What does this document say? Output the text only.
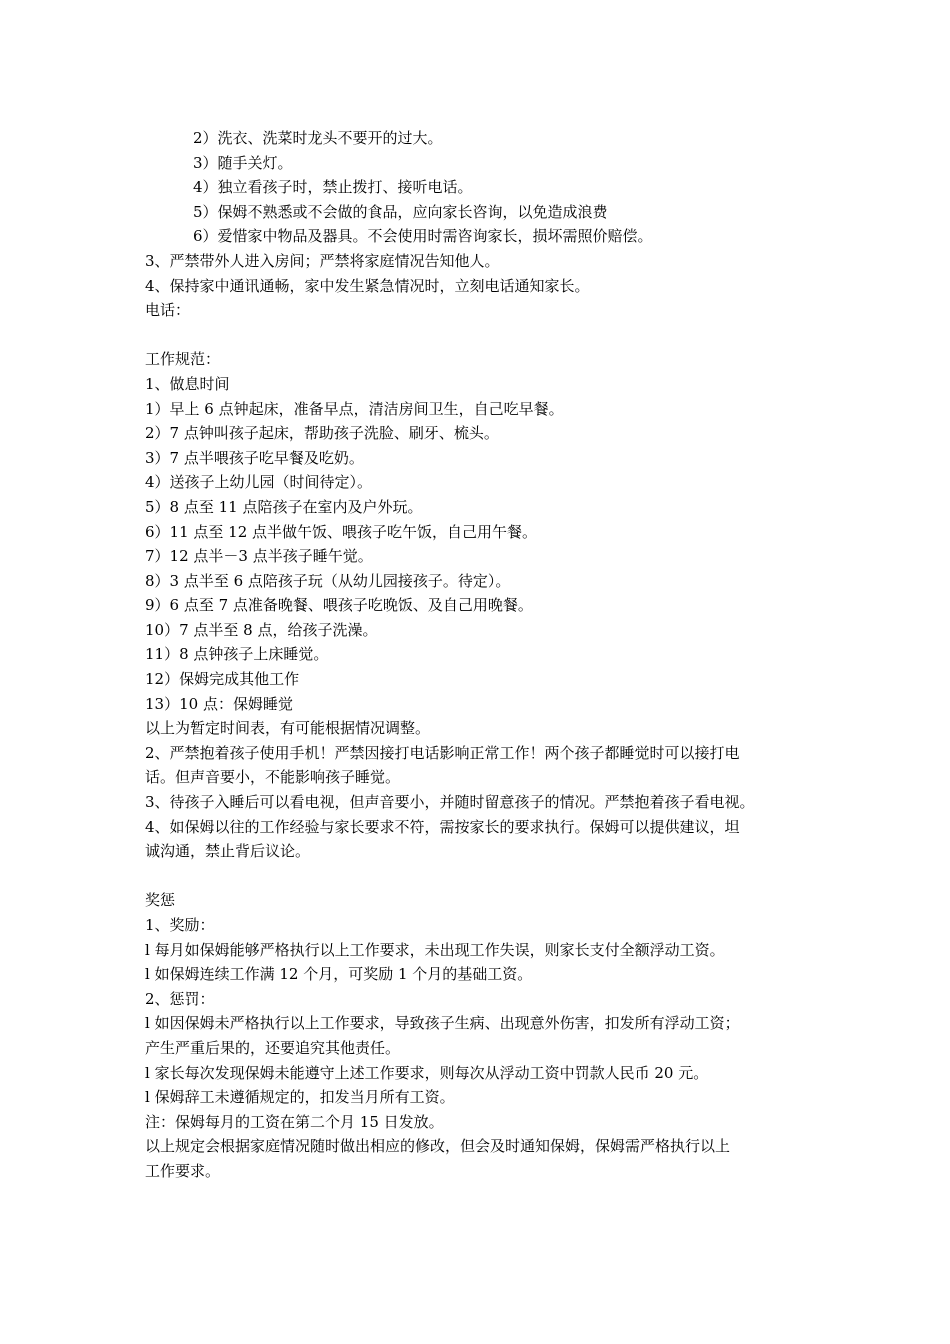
2）洗衣、洗菜时龙头不要开的过大。
3）随手关灯。
4）独立看孩子时，禁止拨打、接听电话。
5）保姆不熟悉或不会做的食品，应向家长咨询，以免造成浪费
6）爱惜家中物品及器具。不会使用时需咨询家长，损坏需照价赔偿。
3、严禁带外人进入房间；严禁将家庭情况告知他人。
4、保持家中通讯通畅，家中发生紧急情况时，立刻电话通知家长。
电话：
工作规范：
1、做息时间
1）早上 6 点钟起床，准备早点，清洁房间卫生，自己吃早餐。
2）7 点钟叫孩子起床，帮助孩子洗脸、刷牙、梳头。
3）7 点半喂孩子吃早餐及吃奶。
4）送孩子上幼儿园（时间待定）。
5）8 点至 11 点陪孩子在室内及户外玩。
6）11 点至 12 点半做午饭、喂孩子吃午饭，自己用午餐。
7）12 点半－3 点半孩子睡午觉。
8）3 点半至 6 点陪孩子玩（从幼儿园接孩子。待定）。
9）6 点至 7 点准备晚餐、喂孩子吃晚饭、及自己用晚餐。
10）7 点半至 8 点，给孩子洗澡。
11）8 点钟孩子上床睡觉。
12）保姆完成其他工作
13）10 点：保姆睡觉
以上为暂定时间表，有可能根据情况调整。
2、严禁抱着孩子使用手机！严禁因接打电话影响正常工作！两个孩子都睡觉时可以接打电
话。但声音要小，不能影响孩子睡觉。
3、待孩子入睡后可以看电视，但声音要小，并随时留意孩子的情况。严禁抱着孩子看电视。
4、如保姆以往的工作经验与家长要求不符，需按家长的要求执行。保姆可以提供建议，坦
诚沟通，禁止背后议论。
奖惩
1、奖励：
l 每月如保姆能够严格执行以上工作要求，未出现工作失误，则家长支付全额浮动工资。
l 如保姆连续工作满 12 个月，可奖励 1 个月的基础工资。
2、惩罚：
l 如因保姆未严格执行以上工作要求，导致孩子生病、出现意外伤害，扣发所有浮动工资；
产生严重后果的，还要追究其他责任。
l 家长每次发现保姆未能遵守上述工作要求，则每次从浮动工资中罚款人民币 20 元。
l 保姆辞工未遵循规定的，扣发当月所有工资。
注：保姆每月的工资在第二个月 15 日发放。
以上规定会根据家庭情况随时做出相应的修改，但会及时通知保姆，保姆需严格执行以上
工作要求。
